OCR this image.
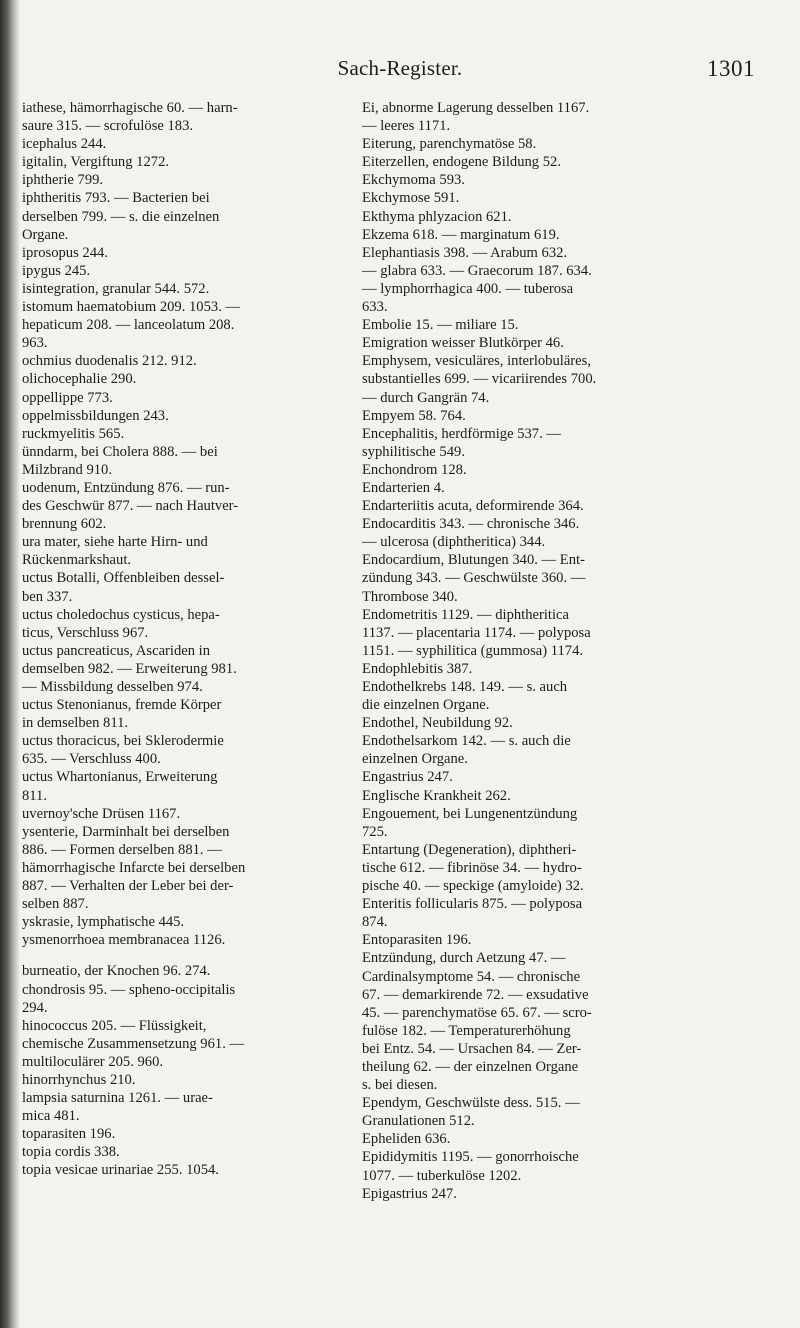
Sach-Register.	1301

iathese, hämorrhagische 60. — harn-
saure 315. — scrofulöse 183.

icephalus 244.

igitalin, Vergiftung 1272.

iphtherie 799.

iphtheritis 793. — Bacterien bei
derselben 799. — s. die einzelnen
Organe.

iprosopus 244.

ipygus 245.

isintegration, granular 544. 572.

istomum haematobium 209. 1053. —
hepaticum 208. — lanceolatum 208.
963.

ochmius duodenalis 212. 912.

olichocephalie 290.

oppellippe 773.

oppelmissbildungen 243.

ruckmyelitis 565.

ünndarm, bei Cholera 888. — bei
Milzbrand 910.

uodenum, Entzündung 876. — run-
des Geschwür 877. — nach Hautver-
brennung 602.

ura mater, siehe harte Hirn- und
Rückenmarkshaut.

uctus Botalli, Offenbleiben dessel-
ben 337.

uctus choledochus cysticus, hepa-
ticus, Verschluss 967.

uctus pancreaticus, Ascariden in
demselben 982. — Erweiterung 981.
— Missbildung desselben 974.

uctus Stenonianus, fremde Körper
in demselben 811.

uctus thoracicus, bei Sklerodermie
635. — Verschluss 400.

uctus Whartonianus, Erweiterung
811.

uvernoy'sche Drüsen 1167.

ysenterie, Darminhalt bei derselben
886. — Formen derselben 881. —
hämorrhagische Infarcte bei derselben
887. — Verhalten der Leber bei der-
selben 887.

yskrasie, lymphatische 445.

ysmenorrhoea membranacea 1126.

burneatio, der Knochen 96. 274.

chondrosis 95. — spheno-occipitalis
294.

hinococcus 205. — Flüssigkeit,
chemische Zusammensetzung 961. —
multiloculärer 205. 960.

hinorrhynchus 210.

lampsia saturnina 1261. — urae-
mica 481.

toparasiten 196.

topia cordis 338.

topia vesicae urinariae 255. 1054.

Ei, abnorme Lagerung desselben 1167.
— leeres 1171.

Eiterung, parenchymatöse 58.

Eiterzellen, endogene Bildung 52.

Ekchymoma 593.

Ekchymose 591.

Ekthyma phlyzacion 621.

Ekzema 618. — marginatum 619.

Elephantiasis 398. — Arabum 632.
— glabra 633. — Graecorum 187. 634.
— lymphorrhagica 400. — tuberosa
633.

Embolie 15. — miliare 15.

Emigration weisser Blutkörper 46.

Emphysem, vesiculäres, interlobuläres,
substantielles 699. — vicariirendes 700.
— durch Gangrän 74.

Empyem 58. 764.

Encephalitis, herdförmige 537. —
syphilitische 549.

Enchondrom 128.

Endarterien 4.

Endarteriitis acuta, deformirende 364.

Endocarditis 343. — chronische 346.
— ulcerosa (diphtheritica) 344.

Endocardium, Blutungen 340. — Ent-
zündung 343. — Geschwülste 360. —
Thrombose 340.

Endometritis 1129. — diphtheritica
1137. — placentaria 1174. — polyposa
1151. — syphilitica (gummosa) 1174.

Endophlebitis 387.

Endothelkrebs 148. 149. — s. auch
die einzelnen Organe.

Endothel, Neubildung 92.

Endothelsarkom 142. — s. auch die
einzelnen Organe.

Engastrius 247.

Englische Krankheit 262.

Engouement, bei Lungenentzündung
725.

Entartung (Degeneration), diphtheri-
tische 612. — fibrinöse 34. — hydro-
pische 40. — speckige (amyloide) 32.

Enteritis follicularis 875. — polyposa
874.

Entoparasiten 196.

Entzündung, durch Aetzung 47. —
Cardinalsymptome 54. — chronische
67. — demarkirende 72. — exsudative
45. — parenchymatöse 65. 67. — scro-
fulöse 182. — Temperaturerhöhung
bei Entz. 54. — Ursachen 84. — Zer-
theilung 62. — der einzelnen Organe
s. bei diesen.

Ependym, Geschwülste dess. 515. —
Granulationen 512.

Epheliden 636.

Epididymitis 1195. — gonorrhoische
1077. — tuberkulöse 1202.

Epigastrius 247.
